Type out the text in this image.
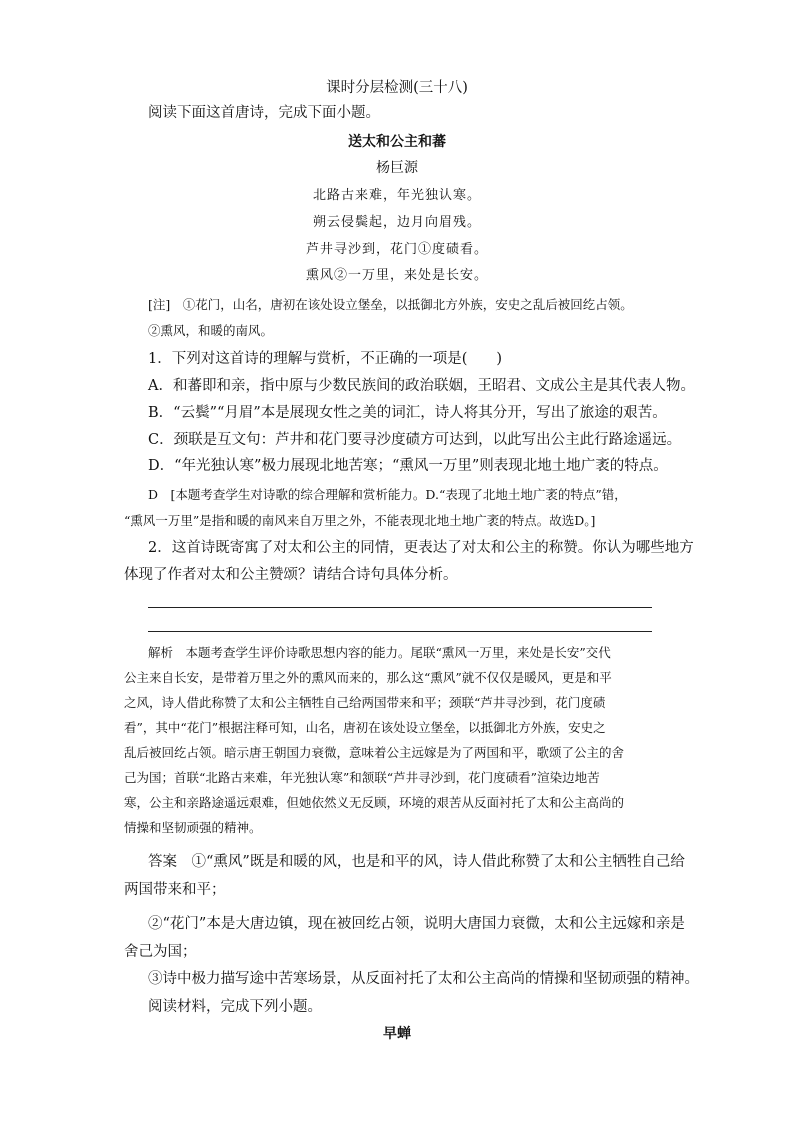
课时分层检测(三十八)
阅读下面这首唐诗，完成下面小题。
送太和公主和蕃
杨巨源
北路古来难，年光独认寒。
朔云侵鬓起，边月向眉残。
芦井寻沙到，花门①度碛看。
熏风②一万里，来处是长安。
[注]　①花门，山名，唐初在该处设立堡垒，以抵御北方外族，安史之乱后被回纥占领。
②熏风，和暖的南风。
1．下列对这首诗的理解与赏析，不正确的一项是(　　)
A．和蕃即和亲，指中原与少数民族间的政治联姻，王昭君、文成公主是其代表人物。
B．“云鬓”“月眉”本是展现女性之美的词汇，诗人将其分开，写出了旅途的艰苦。
C．颈联是互文句：芦井和花门要寻沙度碛方可达到，以此写出公主此行路途遥远。
D．“年光独认寒”极力展现北地苦寒；“熏风一万里”则表现北地土地广袤的特点。
D　[本题考查学生对诗歌的综合理解和赏析能力。D.“表现了北地土地广袤的特点”错，
“熏风一万里”是指和暖的南风来自万里之外，不能表现北地土地广袤的特点。故选D。]
2．这首诗既寄寓了对太和公主的同情，更表达了对太和公主的称赞。你认为哪些地方
体现了作者对太和公主赞颂？请结合诗句具体分析。
解析　本题考查学生评价诗歌思想内容的能力。尾联“熏风一万里，来处是长安”交代
公主来自长安，是带着万里之外的熏风而来的，那么这“熏风”就不仅仅是暖风，更是和平
之风，诗人借此称赞了太和公主牺牲自己给两国带来和平；颈联“芦井寻沙到，花门度碛
看”，其中“花门”根据注释可知，山名，唐初在该处设立堡垒，以抵御北方外族，安史之
乱后被回纥占领。暗示唐王朝国力衰微，意味着公主远嫁是为了两国和平，歌颂了公主的舍
己为国；首联“北路古来难，年光独认寒”和颔联“芦井寻沙到，花门度碛看”渲染边地苦
寒，公主和亲路途遥远艰难，但她依然义无反顾，环境的艰苦从反面衬托了太和公主高尚的
情操和坚韧顽强的精神。
答案　①“熏风”既是和暖的风，也是和平的风，诗人借此称赞了太和公主牺牲自己给
两国带来和平；
②“花门”本是大唐边镇，现在被回纥占领，说明大唐国力衰微，太和公主远嫁和亲是
舍己为国；
③诗中极力描写途中苦寒场景，从反面衬托了太和公主高尚的情操和坚韧顽强的精神。
阅读材料，完成下列小题。
早蝉
